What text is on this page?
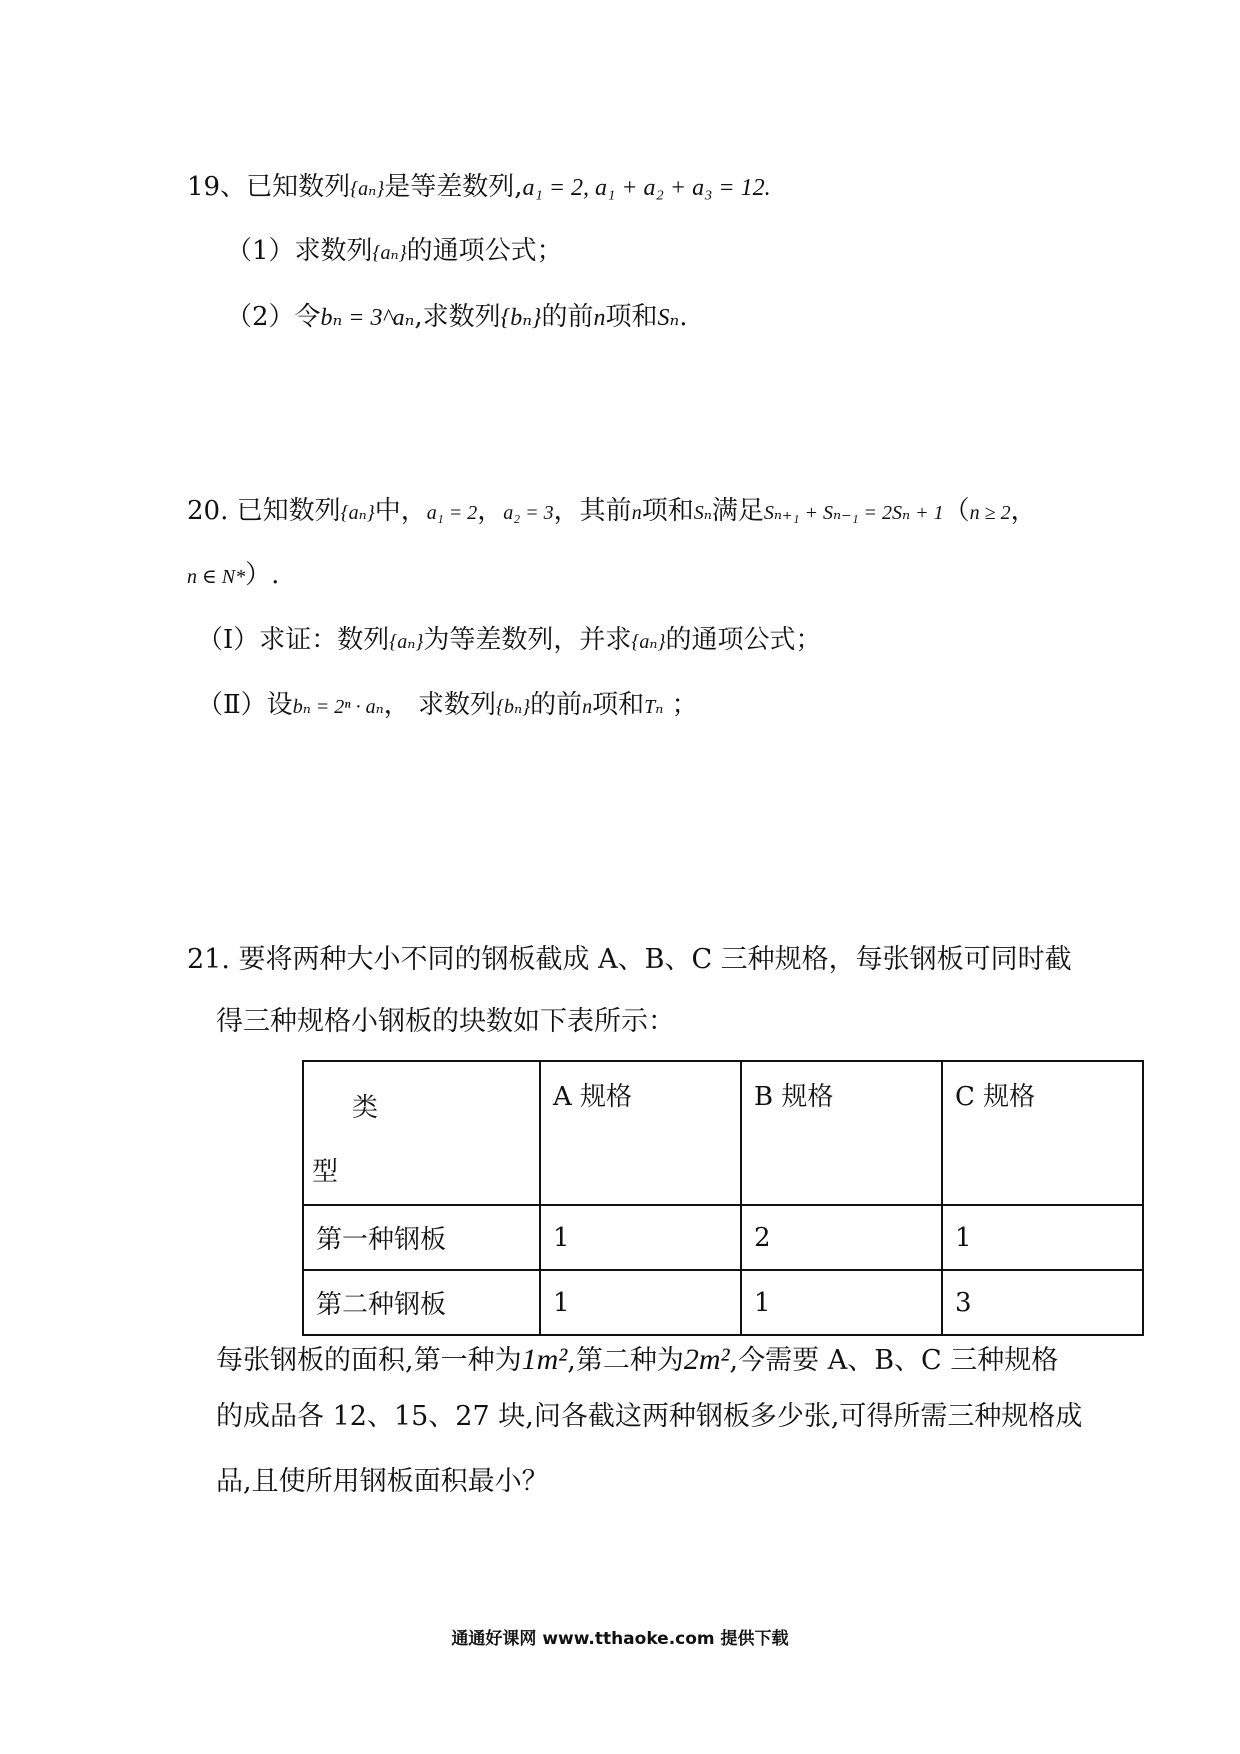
19、已知数列{aₙ}是等差数列,a₁ = 2, a₁ + a₂ + a₃ = 12.
（1）求数列{aₙ}的通项公式；
（2）令bₙ = 3^aₙ,求数列{bₙ}的前n项和Sₙ.
20. 已知数列{aₙ}中，a₁ = 2，a₂ = 3，其前n项和Sₙ满足Sₙ₊₁ + Sₙ₋₁ = 2Sₙ + 1（n ≥ 2，
n ∈ N*）.
（Ⅰ）求证：数列{aₙ}为等差数列，并求{aₙ}的通项公式；
（Ⅱ）设bₙ = 2ⁿ · aₙ， 求数列{bₙ}的前n项和Tₙ ；
21. 要将两种大小不同的钢板截成 A、B、C 三种规格，每张钢板可同时截
得三种规格小钢板的块数如下表所示：
类
型	A 规格	B 规格	C 规格
第一种钢板	1	2	1
第二种钢板	1	1	3
每张钢板的面积,第一种为1m²,第二种为2m²,今需要 A、B、C 三种规格
的成品各 12、15、27 块,问各截这两种钢板多少张,可得所需三种规格成
品,且使所用钢板面积最小？
通通好课网 www.tthaoke.com 提供下载
